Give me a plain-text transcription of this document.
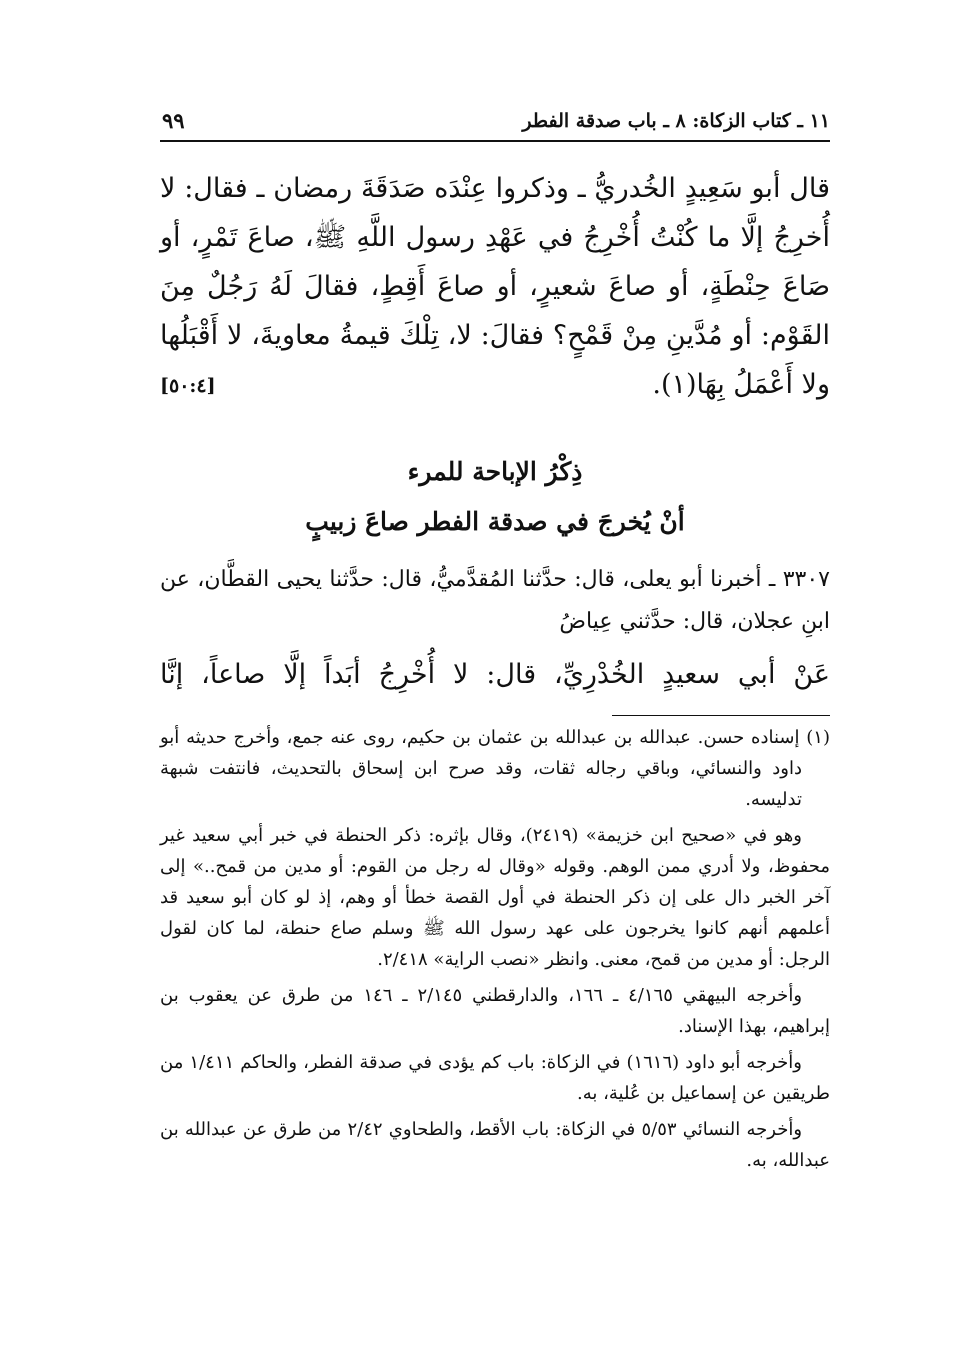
١١ ـ كتاب الزكاة: ٨ ـ باب صدقة الفطر
٩٩
قال أبو سَعِيدٍ الخُدريُّ ـ وذكروا عِنْدَه صَدَقَةَ رمضان ـ فقال: لا أُخرِجُ إلَّا ما كُنْتُ أُخْرِجُ في عَهْدِ رسول اللَّهِ ﷺ، صاعَ تَمْرٍ، أو صَاعَ حِنْطَةٍ، أو صاعَ شعيرٍ، أو صاعَ أَقِطٍ، فقالَ لَهُ رَجُلٌ مِنَ القَوْم: أو مُدَّينِ مِنْ قَمْحٍ؟ فقالَ: لا، تِلْكَ قيمةُ معاويةَ، لا أَقْبَلُها ولا أَعْمَلُ بِهَا(١).
[٥٠:٤]
ذِكْرُ الإباحة للمرء
أنْ يُخرجَ في صدقة الفطر صاعَ زبيبٍ
٣٣٠٧ ـ أخبرنا أبو يعلى، قال: حدَّثنا المُقدَّميُّ، قال: حدَّثنا يحيى القطَّان، عن ابنِ عجلان، قال: حدَّثني عِياضُ
عَنْ أبي سعيدٍ الخُدْرِيِّ، قال: لا أُخْرِجُ أبَداً إلَّا صاعاً، إنَّا

(١) إسناده حسن. عبدالله بن عبدالله بن عثمان بن حكيم، روى عنه جمع، وأخرج حديثه أبو داود والنسائي، وباقي رجاله ثقات، وقد صرح ابن إسحاق بالتحديث، فانتفت شبهة تدليسه.

وهو في «صحيح ابن خزيمة» (٢٤١٩)، وقال بإثره: ذكر الحنطة في خبر أبي سعيد غير محفوظ، ولا أدري ممن الوهم. وقوله «وقال له رجل من القوم: أو مدين من قمح..» إلى آخر الخبر دال على إن ذكر الحنطة في أول القصة خطأ أو وهم، إذ لو كان أبو سعيد قد أعلمهم أنهم كانوا يخرجون على عهد رسول الله ﷺ وسلم صاع حنطة، لما كان لقول الرجل: أو مدين من قمح، معنى. وانظر «نصب الراية» ٢/٤١٨.

وأخرجه البيهقي ٤/١٦٥ ـ ١٦٦، والدارقطني ٢/١٤٥ ـ ١٤٦ من طرق عن يعقوب بن إبراهيم، بهذا الإسناد.

وأخرجه أبو داود (١٦١٦) في الزكاة: باب كم يؤدى في صدقة الفطر، والحاكم ١/٤١١ من طريقين عن إسماعيل بن عُلية، به.

وأخرجه النسائي ٥/٥٣ في الزكاة: باب الأقط، والطحاوي ٢/٤٢ من طرق عن عبدالله بن عبدالله، به.
